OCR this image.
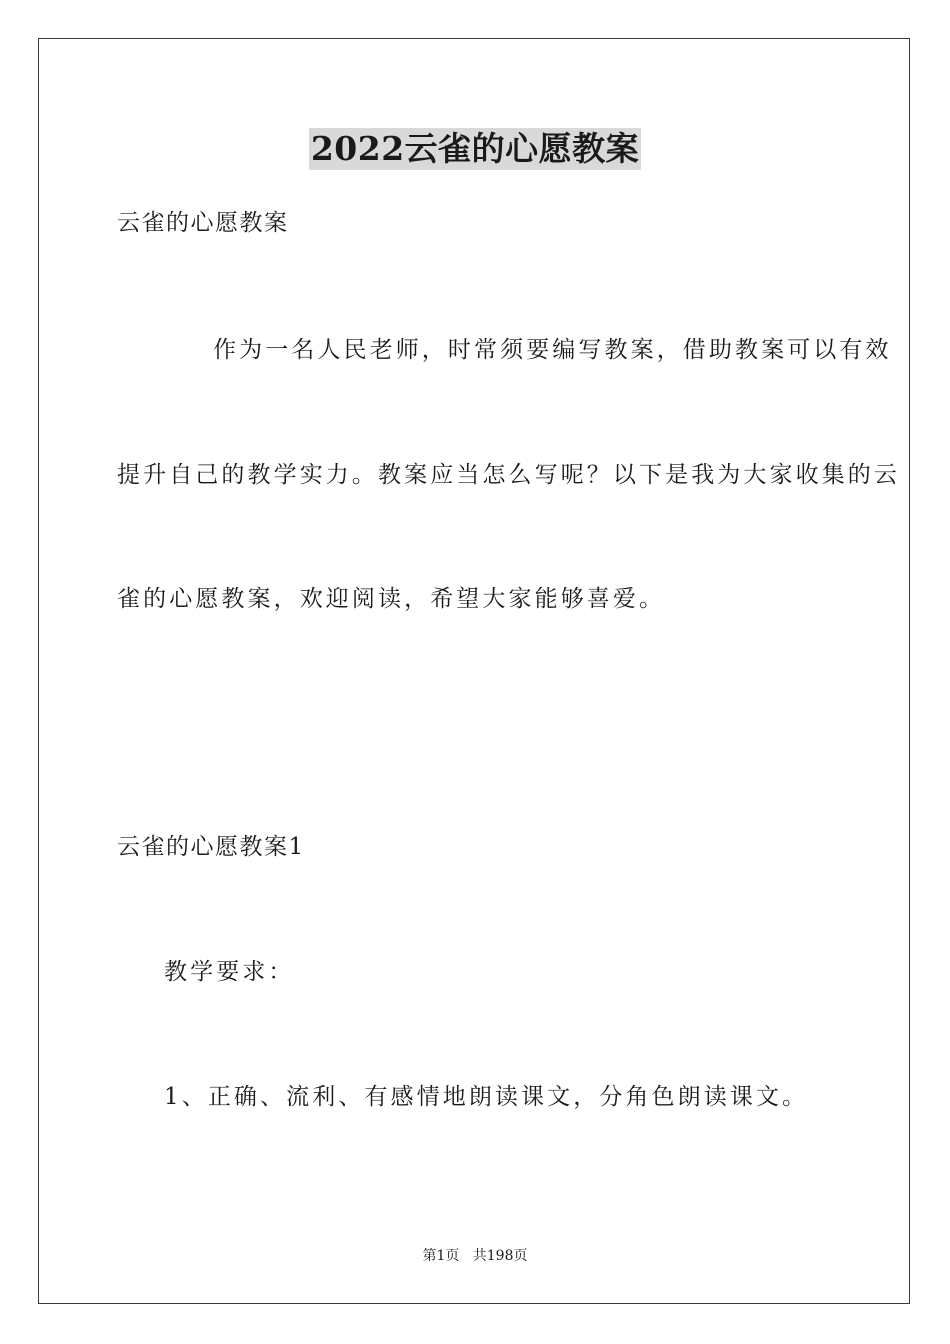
2022云雀的心愿教案
云雀的心愿教案
作为一名人民老师，时常须要编写教案，借助教案可以有效
提升自己的教学实力。教案应当怎么写呢？以下是我为大家收集的云
雀的心愿教案，欢迎阅读，希望大家能够喜爱。
云雀的心愿教案1
教学要求：
1、正确、流利、有感情地朗读课文，分角色朗读课文。
第1页   共198页
